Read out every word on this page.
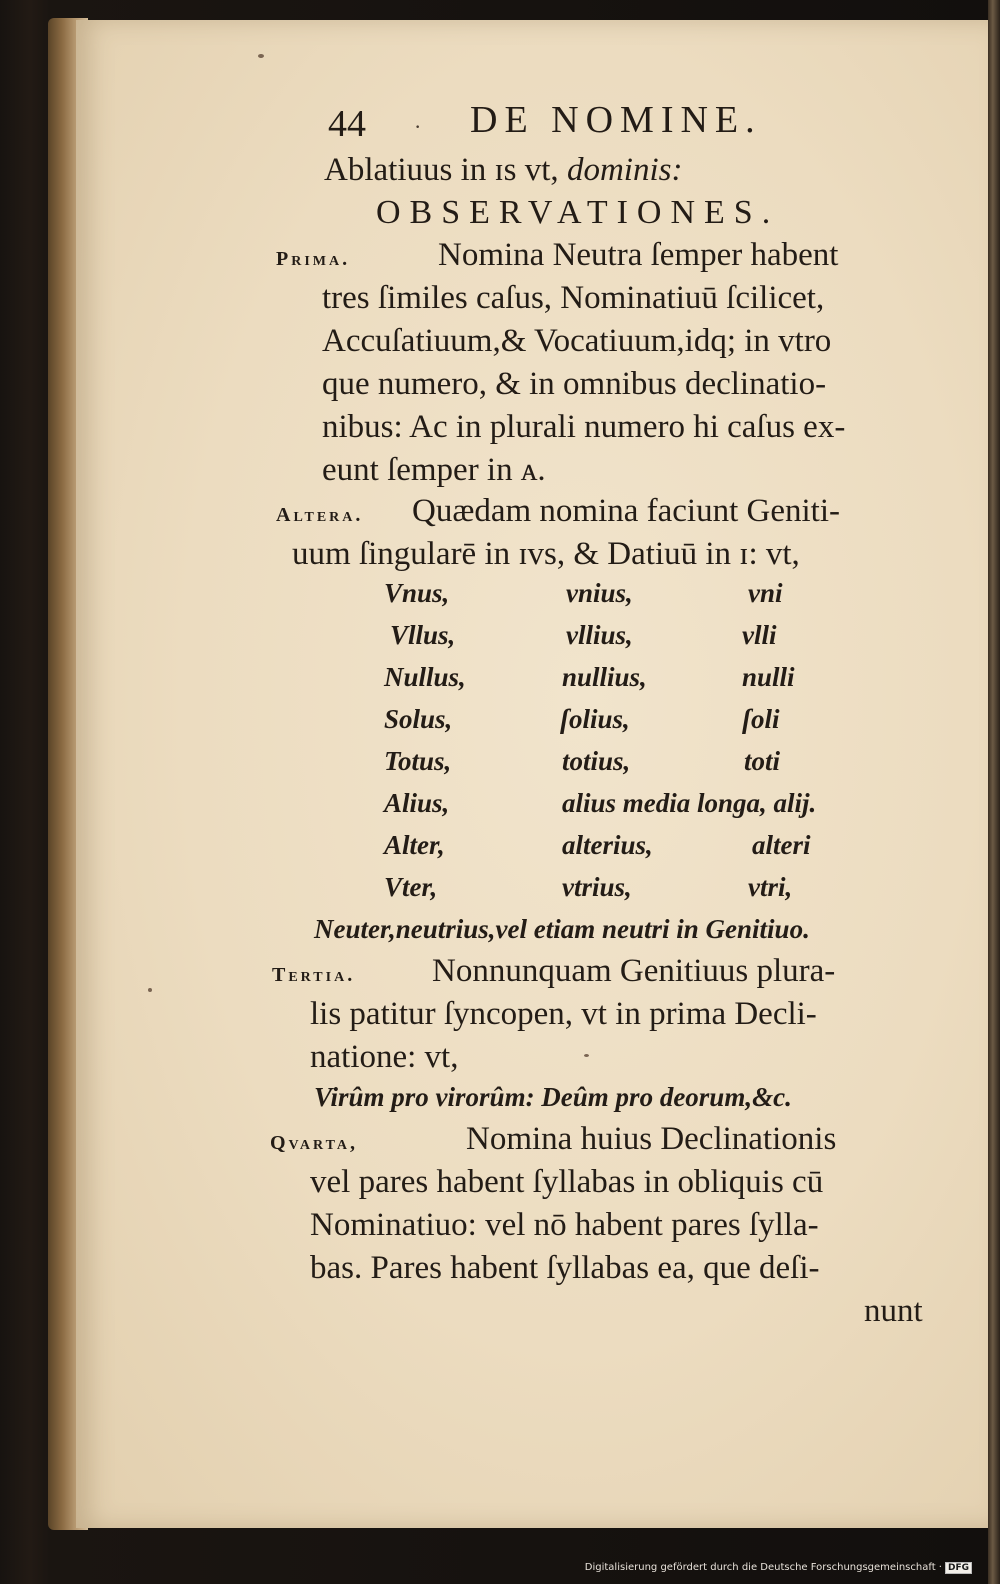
44 · DE NOMINE.
Ablatiuus in ɪs vt, dominis:
OBSERVATIONES.
Prima.	Nomina Neutra ſemper habent
tres ſimiles caſus, Nominatiuū ſcilicet,
Accuſatiuum,& Vocatiuum,idq; in vtro
que numero, & in omnibus declinatio-
nibus: Ac in plurali numero hi caſus ex-
eunt ſemper in ᴀ.
Altera. Quædam nomina faciunt Geniti-
uum ſingularē in ɪᴠs, & Datiuū in ɪ: vt,
Vnus,	vnius,	vni
Vllus,	vllius,	vlli
Nullus,	nullius,	nulli
Solus,	ſolius,	ſoli
Totus,	totius,	toti
Alius,	alius media longa, alij.
Alter,	alterius,	alteri
Vter,	vtrius,	vtri,
Neuter,neutrius,vel etiam neutri in Genitiuo.
Tertia. Nonnunquam Genitiuus plura-
lis patitur ſyncopen, vt in prima Decli-
natione: vt,
Virûm pro virorûm: Deûm pro deorum,&c.
Qvarta,	Nomina huius Declinationis
vel pares habent ſyllabas in obliquis cū
Nominatiuo: vel nō habent pares ſylla-
bas. Pares habent ſyllabas ea, que deſi-
nunt
Digitalisierung gefördert durch die Deutsche Forschungsgemeinschaft · DFG
